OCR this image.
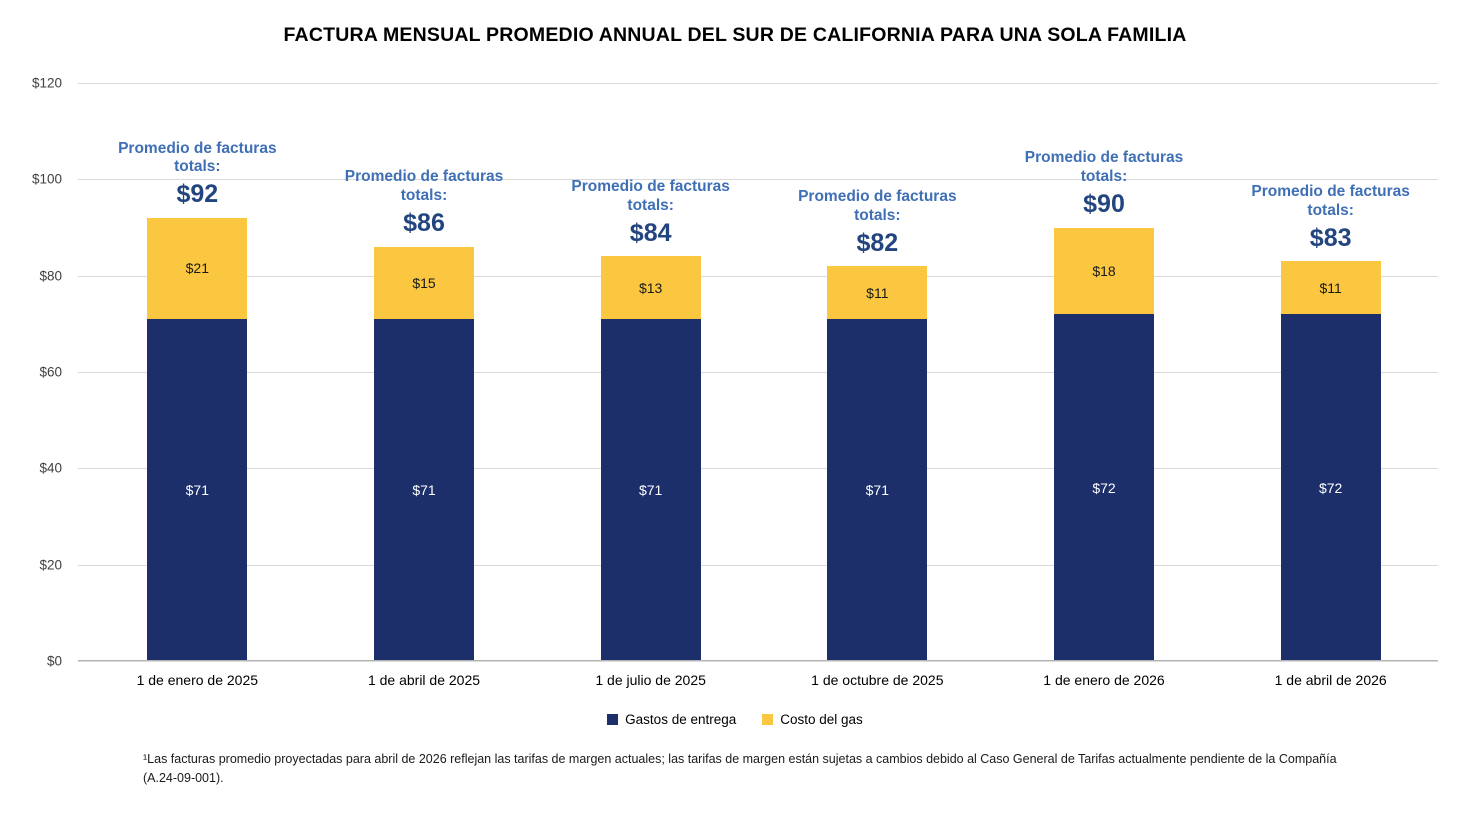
FACTURA MENSUAL PROMEDIO ANNUAL DEL SUR DE CALIFORNIA PARA UNA SOLA FAMILIA
$0
$20
$40
$60
$80
$100
$120
$71
$21
Promedio de facturas totals:
$92
$71
$15
Promedio de facturas totals:
$86
$71
$13
Promedio de facturas totals:
$84
$71
$11
Promedio de facturas totals:
$82
$72
$18
Promedio de facturas totals:
$90
$72
$11
Promedio de facturas totals:
$83
1 de enero de 2025	1 de abril de 2025	1 de julio de 2025	1 de octubre de 2025	1 de enero de 2026	1 de abril de 2026
Gastos de entrega	Costo del gas
¹Las facturas promedio proyectadas para abril de 2026 reflejan las tarifas de margen actuales; las tarifas de margen están sujetas a cambios debido al Caso General de Tarifas actualmente pendiente de la Compañía (A.24-09-001).
